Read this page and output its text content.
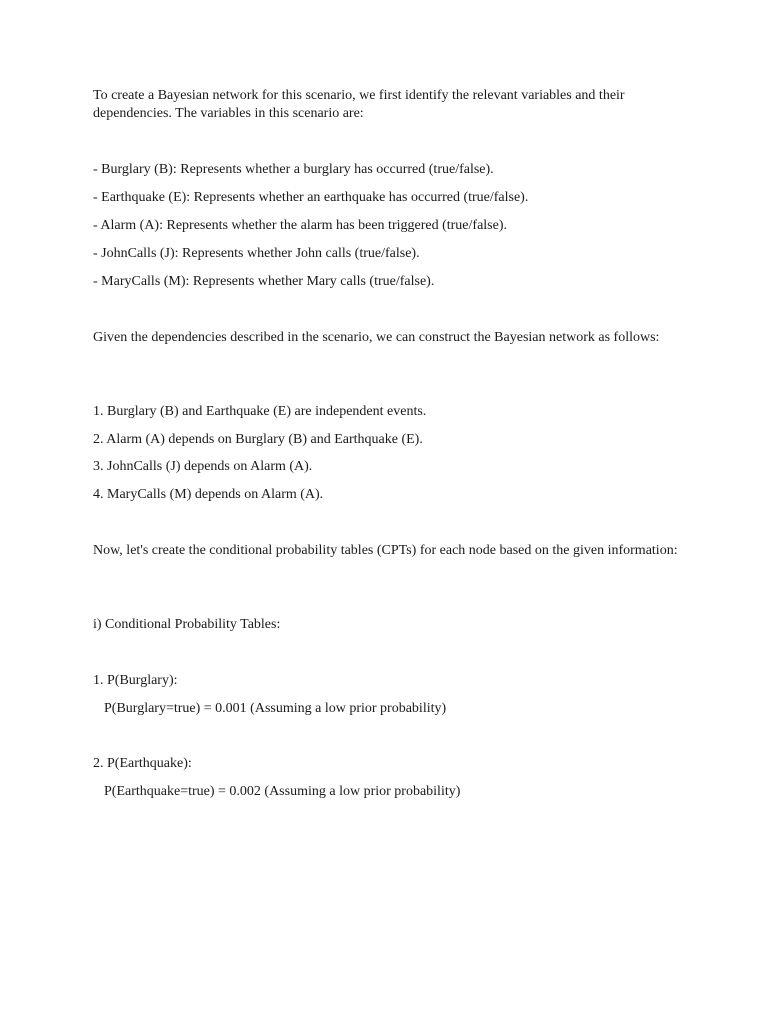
To create a Bayesian network for this scenario, we first identify the relevant variables and their dependencies. The variables in this scenario are:

- Burglary (B): Represents whether a burglary has occurred (true/false).

- Earthquake (E): Represents whether an earthquake has occurred (true/false).

- Alarm (A): Represents whether the alarm has been triggered (true/false).

- JohnCalls (J): Represents whether John calls (true/false).

- MaryCalls (M): Represents whether Mary calls (true/false).

Given the dependencies described in the scenario, we can construct the Bayesian network as follows:

1. Burglary (B) and Earthquake (E) are independent events.

2. Alarm (A) depends on Burglary (B) and Earthquake (E).

3. JohnCalls (J) depends on Alarm (A).

4. MaryCalls (M) depends on Alarm (A).

Now, let's create the conditional probability tables (CPTs) for each node based on the given information:

i) Conditional Probability Tables:

1. P(Burglary):

P(Burglary=true) = 0.001 (Assuming a low prior probability)

2. P(Earthquake):

P(Earthquake=true) = 0.002 (Assuming a low prior probability)
